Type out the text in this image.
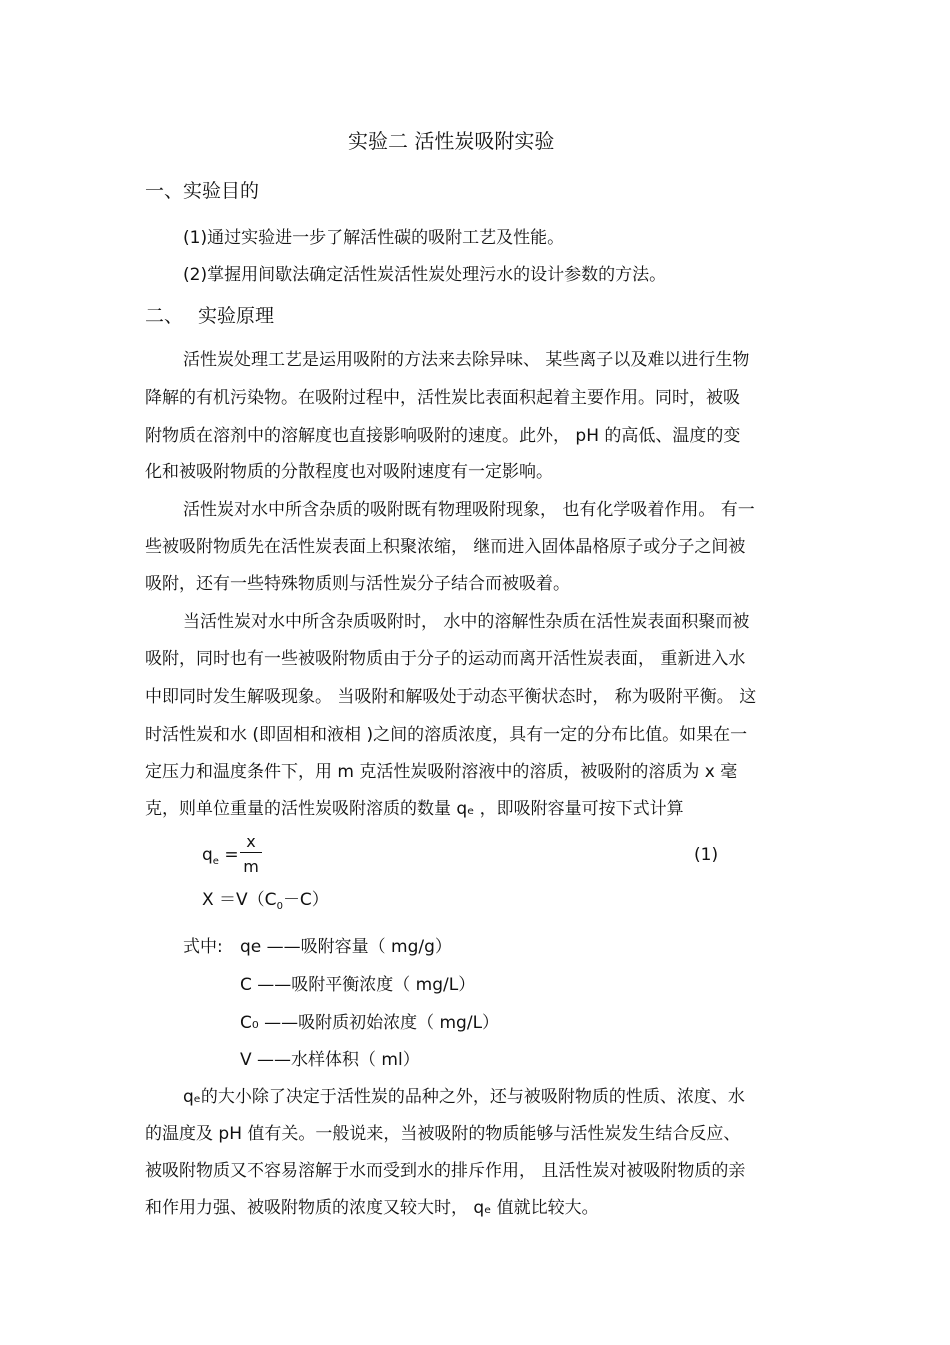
实验二 活性炭吸附实验
一、实验目的
(1)通过实验进一步了解活性碳的吸附工艺及性能。
(2)掌握用间歇法确定活性炭活性炭处理污水的设计参数的方法。
二、 实验原理
活性炭处理工艺是运用吸附的方法来去除异味、 某些离子以及难以进行生物
降解的有机污染物。在吸附过程中，活性炭比表面积起着主要作用。同时，被吸
附物质在溶剂中的溶解度也直接影响吸附的速度。此外， pH 的高低、温度的变
化和被吸附物质的分散程度也对吸附速度有一定影响。
活性炭对水中所含杂质的吸附既有物理吸附现象， 也有化学吸着作用。 有一
些被吸附物质先在活性炭表面上积聚浓缩， 继而进入固体晶格原子或分子之间被
吸附，还有一些特殊物质则与活性炭分子结合而被吸着。
当活性炭对水中所含杂质吸附时， 水中的溶解性杂质在活性炭表面积聚而被
吸附，同时也有一些被吸附物质由于分子的运动而离开活性炭表面， 重新进入水
中即同时发生解吸现象。 当吸附和解吸处于动态平衡状态时， 称为吸附平衡。 这
时活性炭和水 (即固相和液相 )之间的溶质浓度，具有一定的分布比值。如果在一
定压力和温度条件下，用 m 克活性炭吸附溶液中的溶质，被吸附的溶质为 x 毫
克，则单位重量的活性炭吸附溶质的数量 qₑ ，即吸附容量可按下式计算
$q_e$ =
x
m
(1)
$X =V(C_0-C)$
式中: qe ——吸附容量（ mg/g）
C ——吸附平衡浓度（ mg/L）
C₀ ——吸附质初始浓度（ mg/L）
V ——水样体积（ ml）
qₑ的大小除了决定于活性炭的品种之外，还与被吸附物质的性质、浓度、水
的温度及 pH 值有关。一般说来，当被吸附的物质能够与活性炭发生结合反应、
被吸附物质又不容易溶解于水而受到水的排斥作用， 且活性炭对被吸附物质的亲
和作用力强、被吸附物质的浓度又较大时， qₑ 值就比较大。
